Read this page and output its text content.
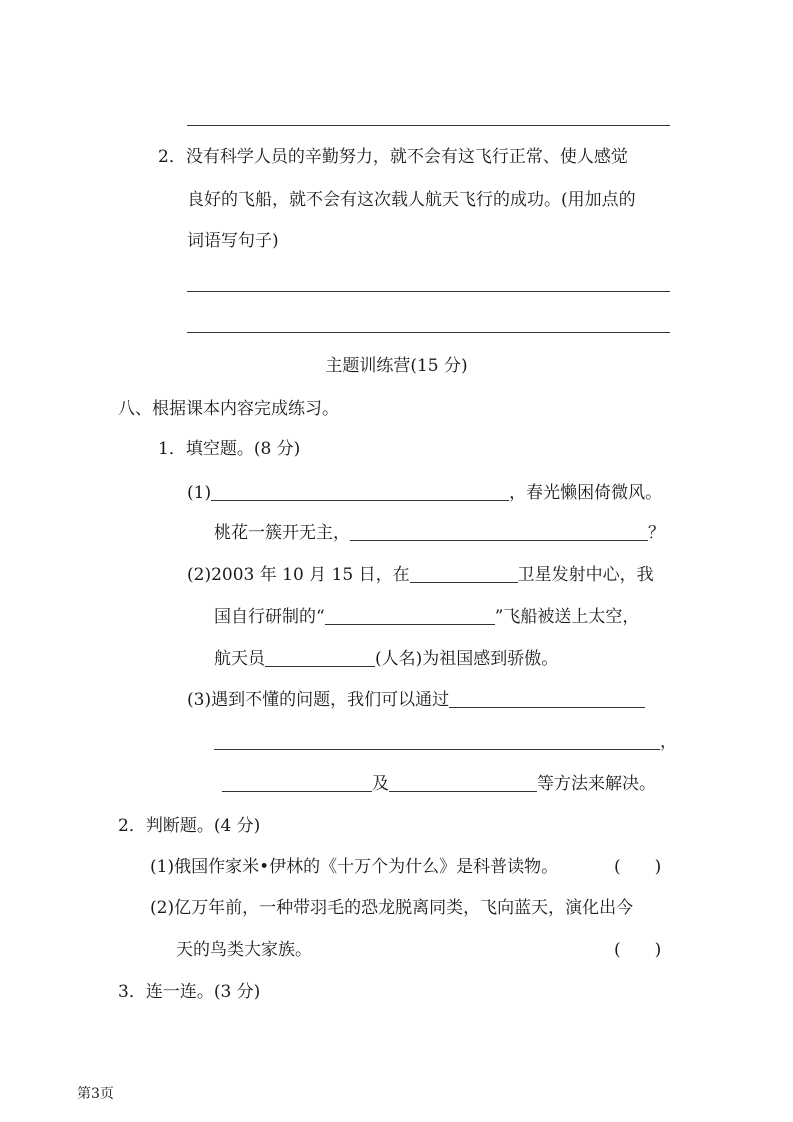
2．没有科学人员的辛勤努力，就不会有这飞行正常、使人感觉
良好的飞船，就不会有这次载人航天飞行的成功。(用加点的
词语写句子)
主题训练营(15 分)
八、根据课本内容完成练习。
1．填空题。(8 分)
(1)	，春光懒困倚微风。
桃花一簇开无主，	？
(2)2003 年 10 月 15 日，在	卫星发射中心，我
国自行研制的“	”飞船被送上太空，
航天员	(人名)为祖国感到骄傲。
(3)遇到不懂的问题，我们可以通过
，
及	等方法来解决。
2．判断题。(4 分)
(1)俄国作家米•伊林的《十万个为什么》是科普读物。	(　　)
(2)亿万年前，一种带羽毛的恐龙脱离同类，飞向蓝天，演化出今
天的鸟类大家族。	(　　)
3．连一连。(3 分)
第3页
